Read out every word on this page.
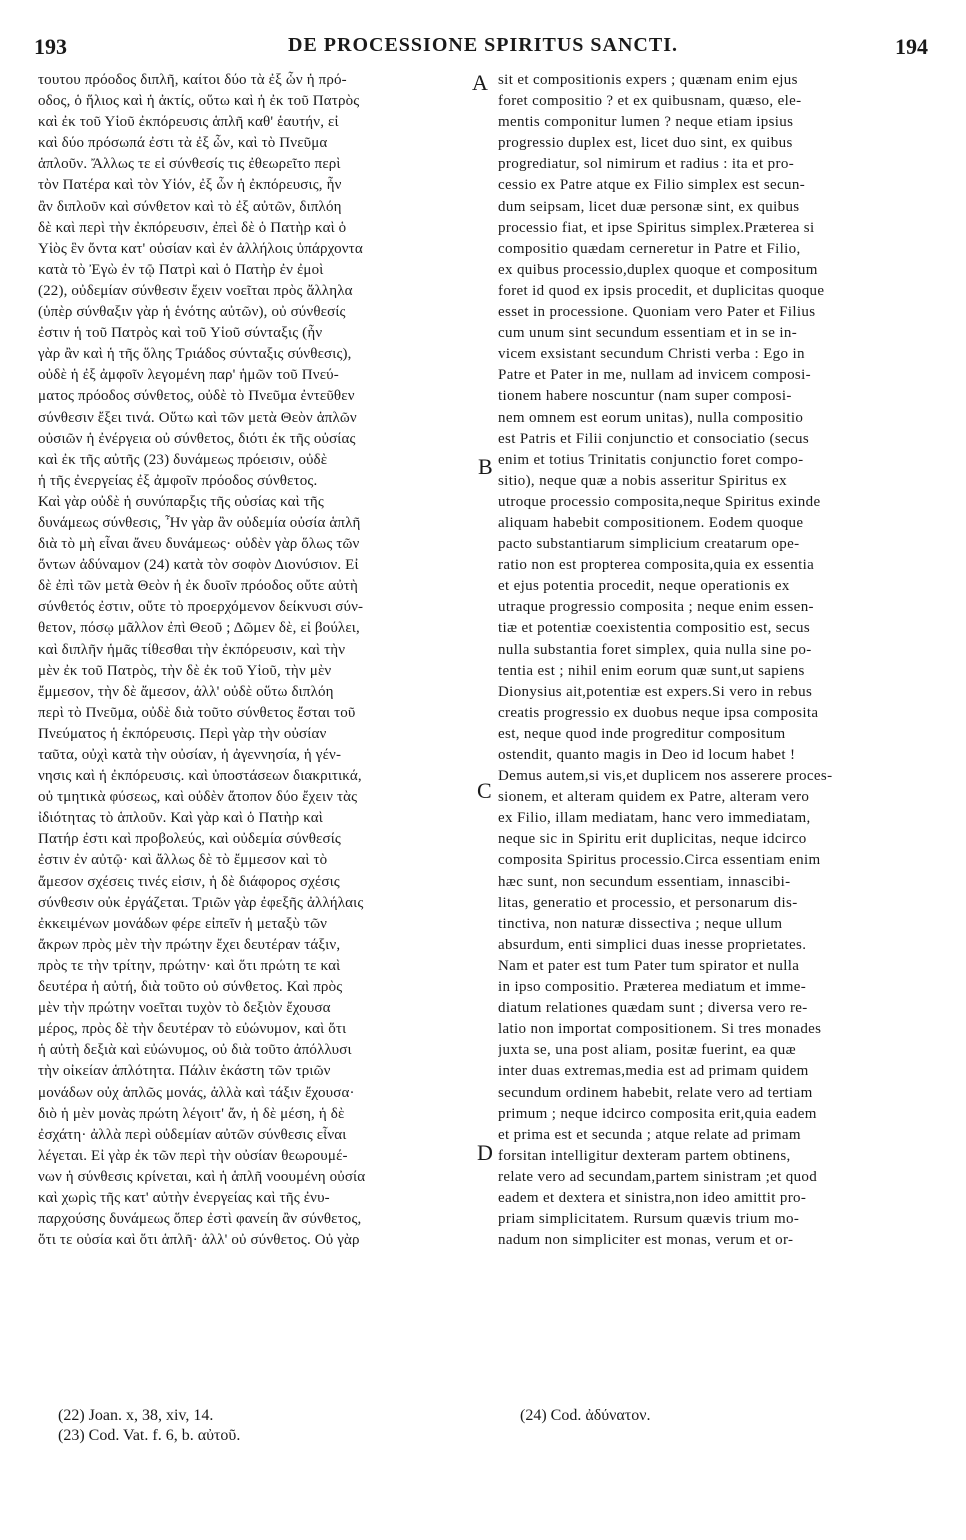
193	DE PROCESSIONE SPIRITUS SANCTI.	194
τουτου πρόοδος διπλῆ, καίτοι δύο τὰ ἐξ ὧν ἡ πρό-
οδος, ὁ ἥλιος καὶ ἡ ἀκτίς, οὕτω καὶ ἡ ἐκ τοῦ Πατρὸς
καὶ ἐκ τοῦ Υἱοῦ ἐκπόρευσις ἁπλῆ καθ' ἑαυτήν, εἰ
καὶ δύο πρόσωπά ἐστι τὰ ἐξ ὧν, καὶ τὸ Πνεῦμα
ἁπλοῦν. Ἄλλως τε εἰ σύνθεσίς τις ἐθεωρεῖτο περὶ
τὸν Πατέρα καὶ τὸν Υἱόν, ἐξ ὧν ἡ ἐκπόρευσις, ἦν
ἂν διπλοῦν καὶ σύνθετον καὶ τὸ ἐξ αὐτῶν, διπλόη
δὲ καὶ περὶ τὴν ἐκπόρευσιν, ἐπεὶ δὲ ὁ Πατὴρ καὶ ὁ
Υἱὸς ἓν ὄντα κατ' οὐσίαν καὶ ἐν ἀλλήλοις ὑπάρχοντα
κατὰ τὸ Ἐγὼ ἐν τῷ Πατρὶ καὶ ὁ Πατὴρ ἐν ἐμοὶ
(22), οὐδεμίαν σύνθεσιν ἔχειν νοεῖται πρὸς ἄλληλα
(ὑπὲρ σύνθαξιν γὰρ ἡ ἑνότης αὐτῶν), οὐ σύνθεσίς
ἐστιν ἡ τοῦ Πατρὸς καὶ τοῦ Υἱοῦ σύνταξις (ἦν
γὰρ ἂν καὶ ἡ τῆς ὅλης Τριάδος σύνταξις σύνθεσις),
οὐδὲ ἡ ἐξ ἀμφοῖν λεγομένη παρ' ἡμῶν τοῦ Πνεύ-
ματος πρόοδος σύνθετος, οὐδὲ τὸ Πνεῦμα ἐντεῦθεν
σύνθεσιν ἔξει τινά. Οὕτω καὶ τῶν μετὰ Θεὸν ἁπλῶν
οὐσιῶν ἡ ἐνέργεια οὐ σύνθετος, διότι ἐκ τῆς οὐσίας
καὶ ἐκ τῆς αὐτῆς (23) δυνάμεως πρόεισιν, οὐδὲ
ἡ τῆς ἐνεργείας ἐξ ἀμφοῖν πρόοδος σύνθετος.
Καὶ γὰρ οὐδὲ ἡ συνύπαρξις τῆς οὐσίας καὶ τῆς
δυνάμεως σύνθεσις, Ἦν γὰρ ἂν οὐδεμία οὐσία ἁπλῆ
διὰ τὸ μὴ εἶναι ἄνευ δυνάμεως· οὐδὲν γὰρ ὅλως τῶν
ὄντων ἀδύναμον (24) κατὰ τὸν σοφὸν Διονύσιον. Εἰ
δὲ ἐπὶ τῶν μετὰ Θεὸν ἡ ἐκ δυοῖν πρόοδος οὔτε αὐτὴ
σύνθετός ἐστιν, οὔτε τὸ προερχόμενον δείκνυσι σύν-
θετον, πόσῳ μᾶλλον ἐπὶ Θεοῦ ; Δῶμεν δὲ, εἰ βούλει,
καὶ διπλῆν ἡμᾶς τίθεσθαι τὴν ἐκπόρευσιν, καὶ τὴν
μὲν ἐκ τοῦ Πατρὸς, τὴν δὲ ἐκ τοῦ Υἱοῦ, τὴν μὲν
ἔμμεσον, τὴν δὲ ἄμεσον, ἀλλ' οὐδὲ οὕτω διπλόη
περὶ τὸ Πνεῦμα, οὐδὲ διὰ τοῦτο σύνθετος ἔσται τοῦ
Πνεύματος ἡ ἐκπόρευσις. Περὶ γὰρ τὴν οὐσίαν
ταῦτα, οὐχὶ κατὰ τὴν οὐσίαν, ἡ ἀγεννησία, ἡ γέν-
νησις καὶ ἡ ἐκπόρευσις. καὶ ὑποστάσεων διακριτικά,
οὐ τμητικὰ φύσεως, καὶ οὐδὲν ἄτοπον δύο ἔχειν τὰς
ἰδιότητας τὸ ἁπλοῦν. Καὶ γὰρ καὶ ὁ Πατὴρ καὶ
Πατήρ ἐστι καὶ προβολεύς, καὶ οὐδεμία σύνθεσίς
ἐστιν ἐν αὐτῷ· καὶ ἄλλως δὲ τὸ ἔμμεσον καὶ τὸ
ἄμεσον σχέσεις τινές εἰσιν, ἡ δὲ διάφορος σχέσις
σύνθεσιν οὐκ ἐργάζεται. Τριῶν γὰρ ἐφεξῆς ἀλλήλαις
ἐκκειμένων μονάδων φέρε εἰπεῖν ἡ μεταξὺ τῶν
ἄκρων πρὸς μὲν τὴν πρώτην ἔχει δευτέραν τάξιν,
πρὸς τε τὴν τρίτην, πρώτην· καὶ ὅτι πρώτη τε καὶ
δευτέρα ἡ αὐτή, διὰ τοῦτο οὐ σύνθετος. Καὶ πρὸς
μὲν τὴν πρώτην νοεῖται τυχὸν τὸ δεξιὸν ἔχουσα
μέρος, πρὸς δὲ τὴν δευτέραν τὸ εὐώνυμον, καὶ ὅτι
ἡ αὐτὴ δεξιὰ καὶ εὐώνυμος, οὐ διὰ τοῦτο ἀπόλλυσι
τὴν οἰκείαν ἁπλότητα. Πάλιν ἑκάστη τῶν τριῶν
μονάδων οὐχ ἁπλῶς μονάς, ἀλλὰ καὶ τάξιν ἔχουσα·
διὸ ἡ μὲν μονὰς πρώτη λέγοιτ' ἄν, ἡ δὲ μέση, ἡ δὲ
ἐσχάτη· ἀλλὰ περὶ οὐδεμίαν αὐτῶν σύνθεσις εἶναι
λέγεται. Εἰ γὰρ ἐκ τῶν περὶ τὴν οὐσίαν θεωρουμέ-
νων ἡ σύνθεσις κρίνεται, καὶ ἡ ἁπλῆ νοουμένη οὐσία
καὶ χωρὶς τῆς κατ' αὐτὴν ἐνεργείας καὶ τῆς ἐνυ-
παρχούσης δυνάμεως ὅπερ ἐστὶ φανείη ἂν σύνθετος,
ὅτι τε οὐσία καὶ ὅτι ἁπλῆ· ἀλλ' οὐ σύνθετος. Οὐ γὰρ
sit et compositionis expers ; quænam enim ejus
foret compositio ? et ex quibusnam, quæso, ele-
mentis componitur lumen ? neque etiam ipsius
progressio duplex est, licet duo sint, ex quibus
progrediatur, sol nimirum et radius : ita et pro-
cessio ex Patre atque ex Filio simplex est secun-
dum seipsam, licet duæ personæ sint, ex quibus
processio fiat, et ipse Spiritus simplex.Præterea si
compositio quædam cerneretur in Patre et Filio,
ex quibus processio,duplex quoque et compositum
foret id quod ex ipsis procedit, et duplicitas quoque
esset in processione. Quoniam vero Pater et Filius
cum unum sint secundum essentiam et in se in-
vicem exsistant secundum Christi verba : Ego in
Patre et Pater in me, nullam ad invicem composi-
tionem habere noscuntur (nam super composi-
nem omnem est eorum unitas), nulla compositio
est Patris et Filii conjunctio et consociatio (secus
enim et totius Trinitatis conjunctio foret compo-
sitio), neque quæ a nobis asseritur Spiritus ex
utroque processio composita,neque Spiritus exinde
aliquam habebit compositionem. Eodem quoque
pacto substantiarum simplicium creatarum ope-
ratio non est propterea composita,quia ex essentia
et ejus potentia procedit, neque operationis ex
utraque progressio composita ; neque enim essen-
tiæ et potentiæ coexistentia compositio est, secus
nulla substantia foret simplex, quia nulla sine po-
tentia est ; nihil enim eorum quæ sunt,ut sapiens
Dionysius ait,potentiæ est expers.Si vero in rebus
creatis progressio ex duobus neque ipsa composita
est, neque quod inde progreditur compositum
ostendit, quanto magis in Deo id locum habet !
Demus autem,si vis,et duplicem nos asserere proces-
sionem, et alteram quidem ex Patre, alteram vero
ex Filio, illam mediatam, hanc vero immediatam,
neque sic in Spiritu erit duplicitas, neque idcirco
composita Spiritus processio.Circa essentiam enim
hæc sunt, non secundum essentiam, innascibi-
litas, generatio et processio, et personarum dis-
tinctiva, non naturæ dissectiva ; neque ullum
absurdum, enti simplici duas inesse proprietates.
Nam et pater est tum Pater tum spirator et nulla
in ipso compositio. Præterea mediatum et imme-
diatum relationes quædam sunt ; diversa vero re-
latio non importat compositionem. Si tres monades
juxta se, una post aliam, positæ fuerint, ea quæ
inter duas extremas,media est ad primam quidem
secundum ordinem habebit, relate vero ad tertiam
primum ; neque idcirco composita erit,quia eadem
et prima est et secunda ; atque relate ad primam
forsitan intelligitur dexteram partem obtinens,
relate vero ad secundam,partem sinistram ;et quod
eadem et dextera et sinistra,non ideo amittit pro-
priam simplicitatem. Rursum quævis trium mo-
nadum non simpliciter est monas, verum et or-
A
B
C
D
(22) Joan. x, 38, xiv, 14.
(23) Cod. Vat. f. 6, b. αὐτοῦ.
(24) Cod. ἀδύνατον.
